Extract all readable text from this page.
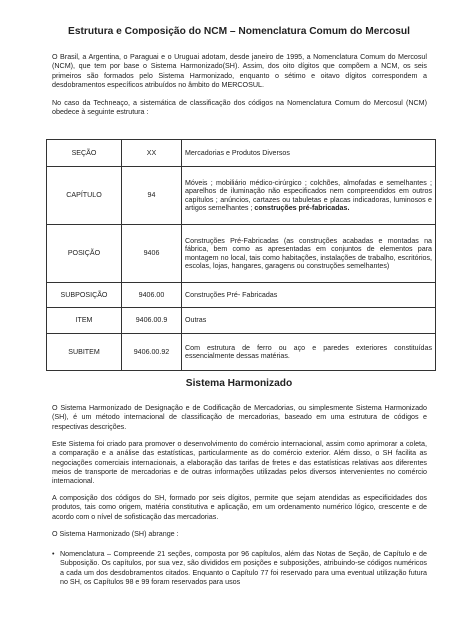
Estrutura e Composição do NCM – Nomenclatura Comum do Mercosul

O Brasil, a Argentina, o Paraguai e o Uruguai adotam, desde janeiro de 1995, a Nomenclatura Comum do Mercosul (NCM), que tem por base o Sistema Harmonizado(SH). Assim, dos oito dígitos que compõem a NCM, os seis primeiros são formados pelo Sistema Harmonizado, enquanto o sétimo e oitavo dígitos correspondem a desdobramentos específicos atribuídos no âmbito do MERCOSUL.

No caso da Techneaço, a sistemática de classificação dos códigos na Nomenclatura Comum do Mercosul (NCM) obedece à seguinte estrutura :

SEÇÃO	XX	Mercadorias e Produtos Diversos
CAPÍTULO	94	Móveis ; mobiliário médico-cirúrgico ; colchões, almofadas e semelhantes ; aparelhos de iluminação não especificados nem compreendidos em outros capítulos ; anúncios, cartazes ou tabuletas e placas indicadoras, luminosos e artigos semelhantes ; construções pré-fabricadas.
POSIÇÃO	9406	Construções Pré-Fabricadas (as construções acabadas e montadas na fábrica, bem como as apresentadas em conjuntos de elementos para montagem no local, tais como habitações, instalações de trabalho, escritórios, escolas, lojas, hangares, garagens ou construções semelhantes)
SUBPOSIÇÃO	9406.00	Construções Pré- Fabricadas
ITEM	9406.00.9	Outras
SUBITEM	9406.00.92	Com estrutura de ferro ou aço e paredes exteriores constituídas essencialmente dessas matérias.
Sistema Harmonizado

O Sistema Harmonizado de Designação e de Codificação de Mercadorias, ou simplesmente Sistema Harmonizado (SH), é um método internacional de classificação de mercadorias, baseado em uma estrutura de códigos e respectivas descrições.

Este Sistema foi criado para promover o desenvolvimento do comércio internacional, assim como aprimorar a coleta, a comparação e a análise das estatísticas, particularmente as do comércio exterior. Além disso, o SH facilita as negociações comerciais internacionais, a elaboração das tarifas de fretes e das estatísticas relativas aos diferentes meios de transporte de mercadorias e de outras informações utilizadas pelos diversos intervenientes no comércio internacional.

A composição dos códigos do SH, formado por seis dígitos, permite que sejam atendidas as especificidades dos produtos, tais como origem, matéria constitutiva e aplicação, em um ordenamento numérico lógico, crescente e de acordo com o nível de sofisticação das mercadorias.

O Sistema Harmonizado (SH) abrange :

• Nomenclatura – Compreende 21 seções, composta por 96 capítulos, além das Notas de Seção, de Capítulo e de Subposição. Os capítulos, por sua vez, são divididos em posições e subposições, atribuindo-se códigos numéricos a cada um dos desdobramentos citados. Enquanto o Capítulo 77 foi reservado para uma eventual utilização futura no SH, os Capítulos 98 e 99 foram reservados para usos
